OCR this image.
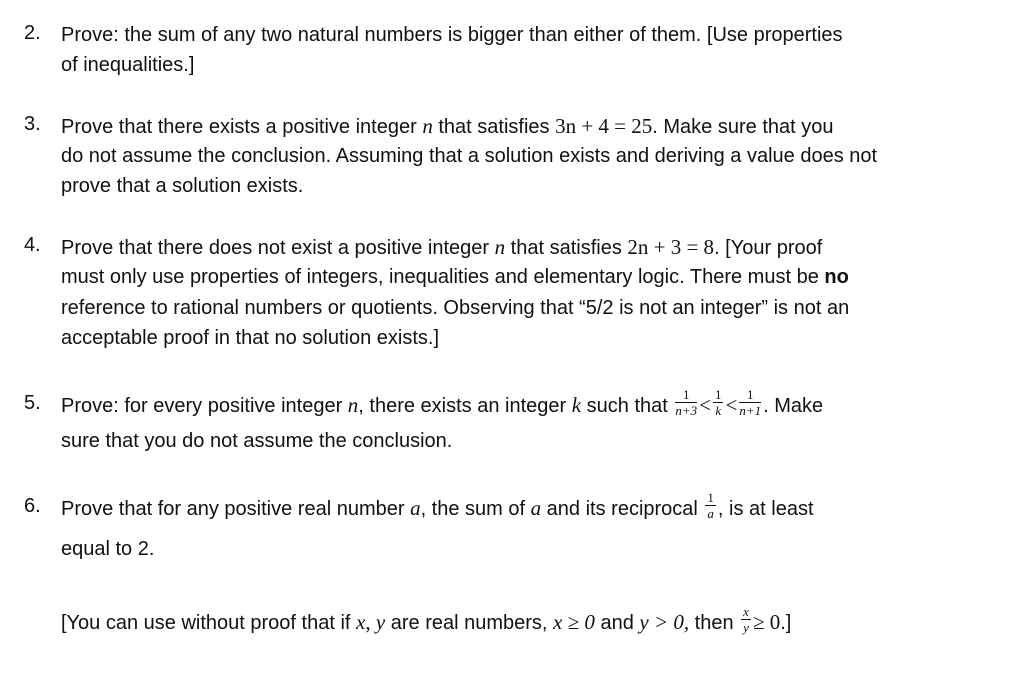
2.	Prove: the sum of any two natural numbers is bigger than either of them. [Use properties
of inequalities.]
3.	Prove that there exists a positive integer n that satisfies 3n + 4 = 25. Make sure that you
do not assume the conclusion. Assuming that a solution exists and deriving a value does not
prove that a solution exists.
4.	Prove that there does not exist a positive integer n that satisfies 2n + 3 = 8. [Your proof
must only use properties of integers, inequalities and elementary logic. There must be no
reference to rational numbers or quotients. Observing that “5/2 is not an integer” is not an
acceptable proof in that no solution exists.]
5.	Prove: for every positive integer n, there exists an integer k such that $\frac{1}{n+3} < \frac{1}{k} < \frac{1}{n+1}$ . Make
sure that you do not assume the conclusion.
6.	Prove that for any positive real number a, the sum of a and its reciprocal $\frac{1}{a}$ , is at least
equal to 2.
[You can use without proof that if x, y are real numbers, x ≥ 0 and y > 0, then $\frac{x}{y} \ge 0$.]
